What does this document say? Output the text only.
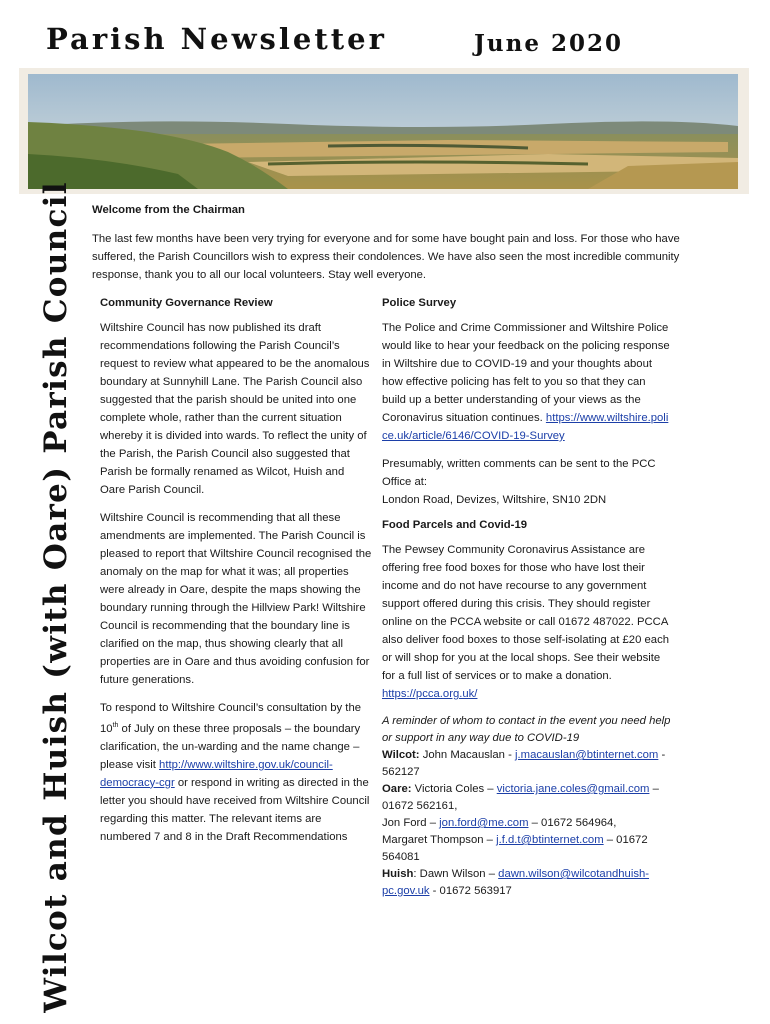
Parish Newsletter	June 2020
Wilcot and Huish (with Oare) Parish Council Welcome from the Chairman

The last few months have been very trying for everyone and for some have bought pain and loss. For those who have suffered, the Parish Councillors wish to express their condolences. We have also seen the most incredible community response, thank you to all our local volunteers. Stay well everyone.

Community Governance Review

Wiltshire Council has now published its draft recommendations following the Parish Council’s request to review what appeared to be the anomalous boundary at Sunnyhill Lane. The Parish Council also suggested that the parish should be united into one complete whole, rather than the current situation whereby it is divided into wards. To reflect the unity of the Parish, the Parish Council also suggested that Parish be formally renamed as Wilcot, Huish and Oare Parish Council.

Wiltshire Council is recommending that all these amendments are implemented. The Parish Council is pleased to report that Wiltshire Council recognised the anomaly on the map for what it was; all properties were already in Oare, despite the maps showing the boundary running through the Hillview Park! Wiltshire Council is recommending that the boundary line is clarified on the map, thus showing clearly that all properties are in Oare and thus avoiding confusion for future generations.

To respond to Wiltshire Council’s consultation by the 10th of July on these three proposals – the boundary clarification, the un-warding and the name change – please visit http://www.wiltshire.gov.uk/council-democracy-cgr or respond in writing as directed in the letter you should have received from Wiltshire Council regarding this matter. The relevant items are numbered 7 and 8 in the Draft Recommendations

Police Survey

The Police and Crime Commissioner and Wiltshire Police would like to hear your feedback on the policing response in Wiltshire due to COVID-19 and your thoughts about how effective policing has felt to you so that they can build up a better understanding of your views as the Coronavirus situation continues. https://www.wiltshire.police.uk/article/6146/COVID-19-Survey

Presumably, written comments can be sent to the PCC Office at:

London Road, Devizes, Wiltshire, SN10 2DN

Food Parcels and Covid-19

The Pewsey Community Coronavirus Assistance are offering free food boxes for those who have lost their income and do not have recourse to any government support offered during this crisis. They should register online on the PCCA website or call 01672 487022. PCCA also deliver food boxes to those self-isolating at £20 each or will shop for you at the local shops. See their website for a full list of services or to make a donation. https://pcca.org.uk/

A reminder of whom to contact in the event you need help or support in any way due to COVID-19

Wilcot: John Macauslan - j.macauslan@btinternet.com - 562127

Oare: Victoria Coles – victoria.jane.coles@gmail.com – 01672 562161,
Jon Ford – jon.ford@me.com – 01672 564964,
Margaret Thompson – j.f.d.t@btinternet.com – 01672 564081

Huish: Dawn Wilson – dawn.wilson@wilcotandhuish-pc.gov.uk - 01672 563917
